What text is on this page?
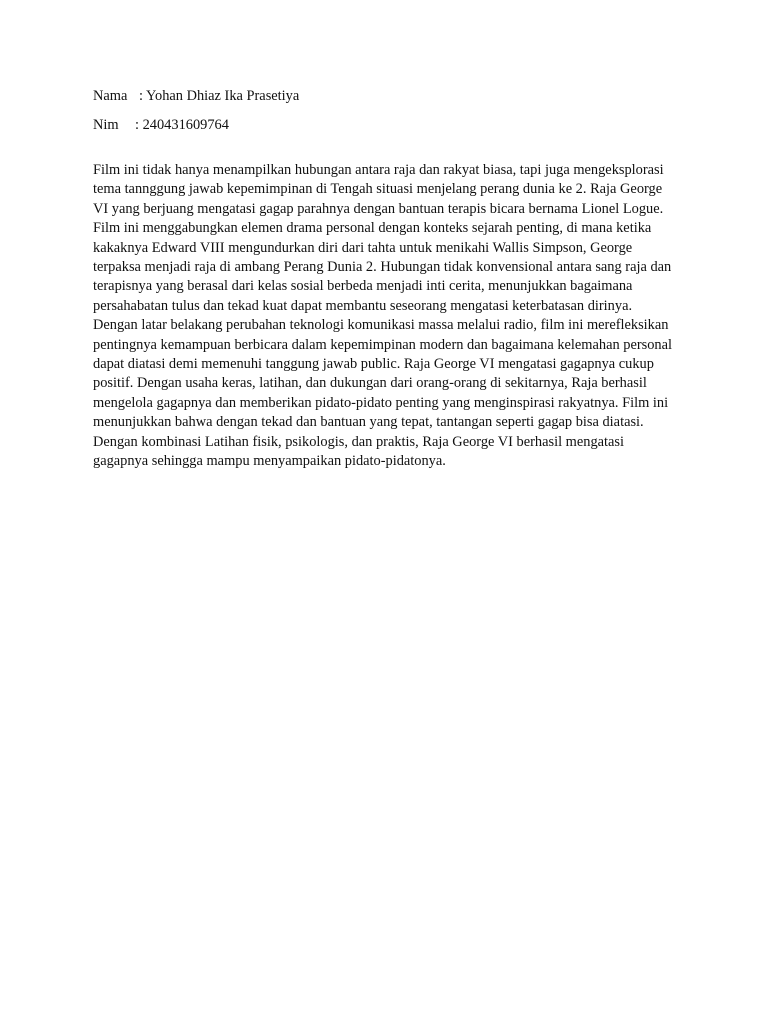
Nama : Yohan Dhiaz Ika Prasetiya
Nim	: 240431609764

Film ini tidak hanya menampilkan hubungan antara raja dan rakyat biasa, tapi juga mengeksplorasi tema tannggung jawab kepemimpinan di Tengah situasi menjelang perang dunia ke 2. Raja George VI yang berjuang mengatasi gagap parahnya dengan bantuan terapis bicara bernama Lionel Logue. Film ini menggabungkan elemen drama personal dengan konteks sejarah penting, di mana ketika kakaknya Edward VIII mengundurkan diri dari tahta untuk menikahi Wallis Simpson, George terpaksa menjadi raja di ambang Perang Dunia 2. Hubungan tidak konvensional antara sang raja dan terapisnya yang berasal dari kelas sosial berbeda menjadi inti cerita, menunjukkan bagaimana persahabatan tulus dan tekad kuat dapat membantu seseorang mengatasi keterbatasan dirinya. Dengan latar belakang perubahan teknologi komunikasi massa melalui radio, film ini merefleksikan pentingnya kemampuan berbicara dalam kepemimpinan modern dan bagaimana kelemahan personal dapat diatasi demi memenuhi tanggung jawab public. Raja George VI mengatasi gagapnya cukup positif. Dengan usaha keras, latihan, dan dukungan dari orang-orang di sekitarnya, Raja berhasil mengelola gagapnya dan memberikan pidato-pidato penting yang menginspirasi rakyatnya. Film ini menunjukkan bahwa dengan tekad dan bantuan yang tepat, tantangan seperti gagap bisa diatasi. Dengan kombinasi Latihan fisik, psikologis, dan praktis, Raja George VI berhasil mengatasi gagapnya sehingga mampu menyampaikan pidato-pidatonya.
